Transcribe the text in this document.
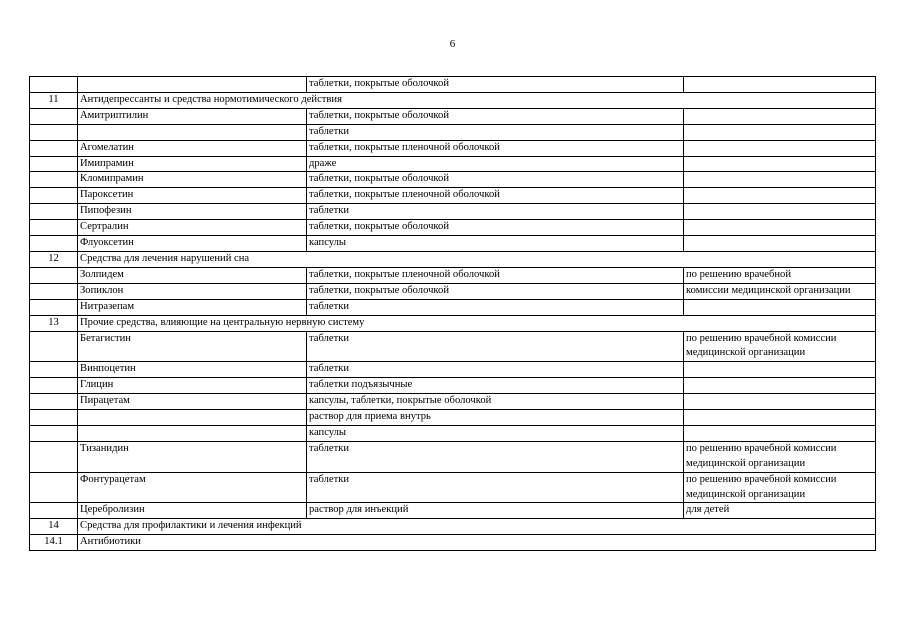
6
		таблетки, покрытые оболочкой	
11	Антидепрессанты и средства нормотимического действия		
	Амитриптилин	таблетки, покрытые оболочкой	
		таблетки	
	Агомелатин	таблетки, покрытые пленочной оболочкой	
	Имипрамин	драже	
	Кломипрамин	таблетки, покрытые оболочкой	
	Пароксетин	таблетки, покрытые пленочной оболочкой	
	Пипофезин	таблетки	
	Сертралин	таблетки, покрытые оболочкой	
	Флуоксетин	капсулы	
12	Средства для лечения нарушений сна		
	Золпидем	таблетки, покрытые пленочной оболочкой	по решению врачебной
	Зопиклон	таблетки, покрытые оболочкой	комиссии медицинской организации
	Нитразепам	таблетки	
13	Прочие средства, влияющие на центральную нервную систему		
	Бетагистин	таблетки	по решению врачебной комиссии медицинской организации
	Винпоцетин	таблетки	
	Глицин	таблетки подъязычные	
	Пирацетам	капсулы, таблетки, покрытые оболочкой	
		раствор для приема внутрь	
		капсулы	
	Тизанидин	таблетки	по решению врачебной комиссии медицинской организации
	Фонтурацетам	таблетки	по решению врачебной комиссии медицинской организации
	Церебролизин	раствор для инъекций	для детей
14	Средства для профилактики и лечения инфекций		
14.1	Антибиотики		
